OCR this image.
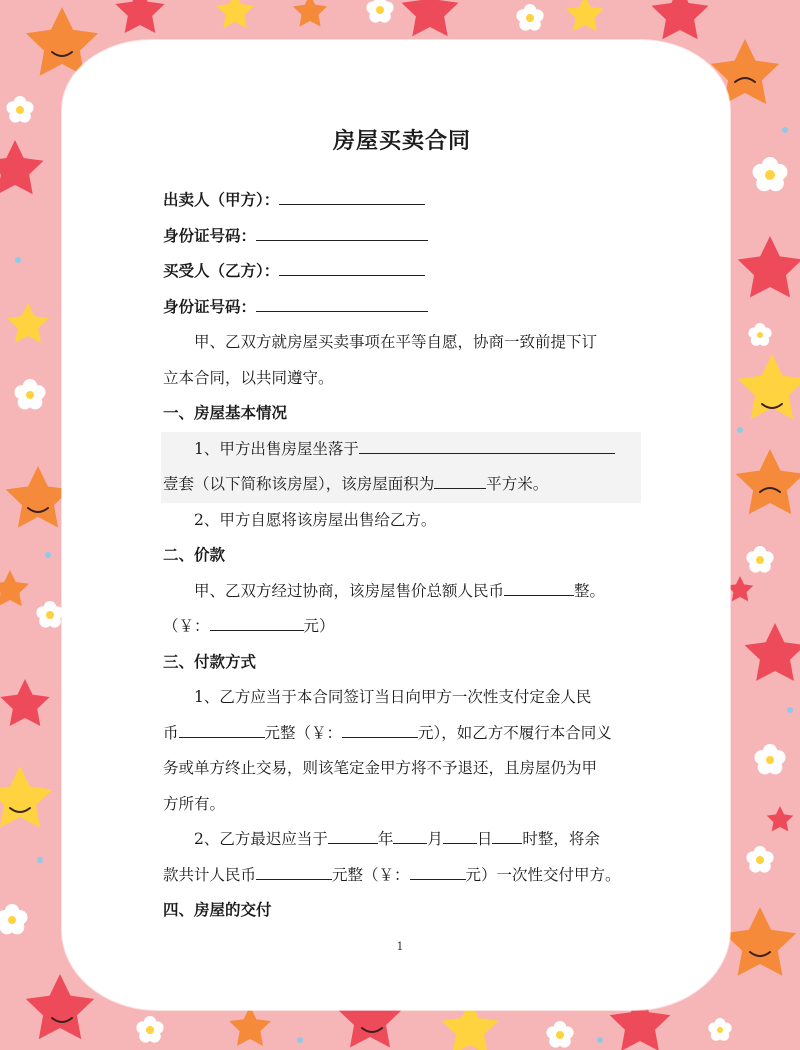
房屋买卖合同
出卖人（甲方）：
身份证号码：
买受人（乙方）：
身份证号码：
甲、乙双方就房屋买卖事项在平等自愿，协商一致前提下订
立本合同，以共同遵守。
一、房屋基本情况
1、甲方出售房屋坐落于
壹套（以下简称该房屋），该房屋面积为	平方米。
2、甲方自愿将该房屋出售给乙方。
二、价款
甲、乙双方经过协商，该房屋售价总额人民币	整。
（￥：	元）
三、付款方式
1、乙方应当于本合同签订当日向甲方一次性支付定金人民
币	元整（￥：	元），如乙方不履行本合同义
务或单方终止交易，则该笔定金甲方将不予退还，且房屋仍为甲
方所有。
2、乙方最迟应当于	年 月 日 时整，将余
款共计人民币	元整（￥：	元）一次性交付甲方。
四、房屋的交付
1
